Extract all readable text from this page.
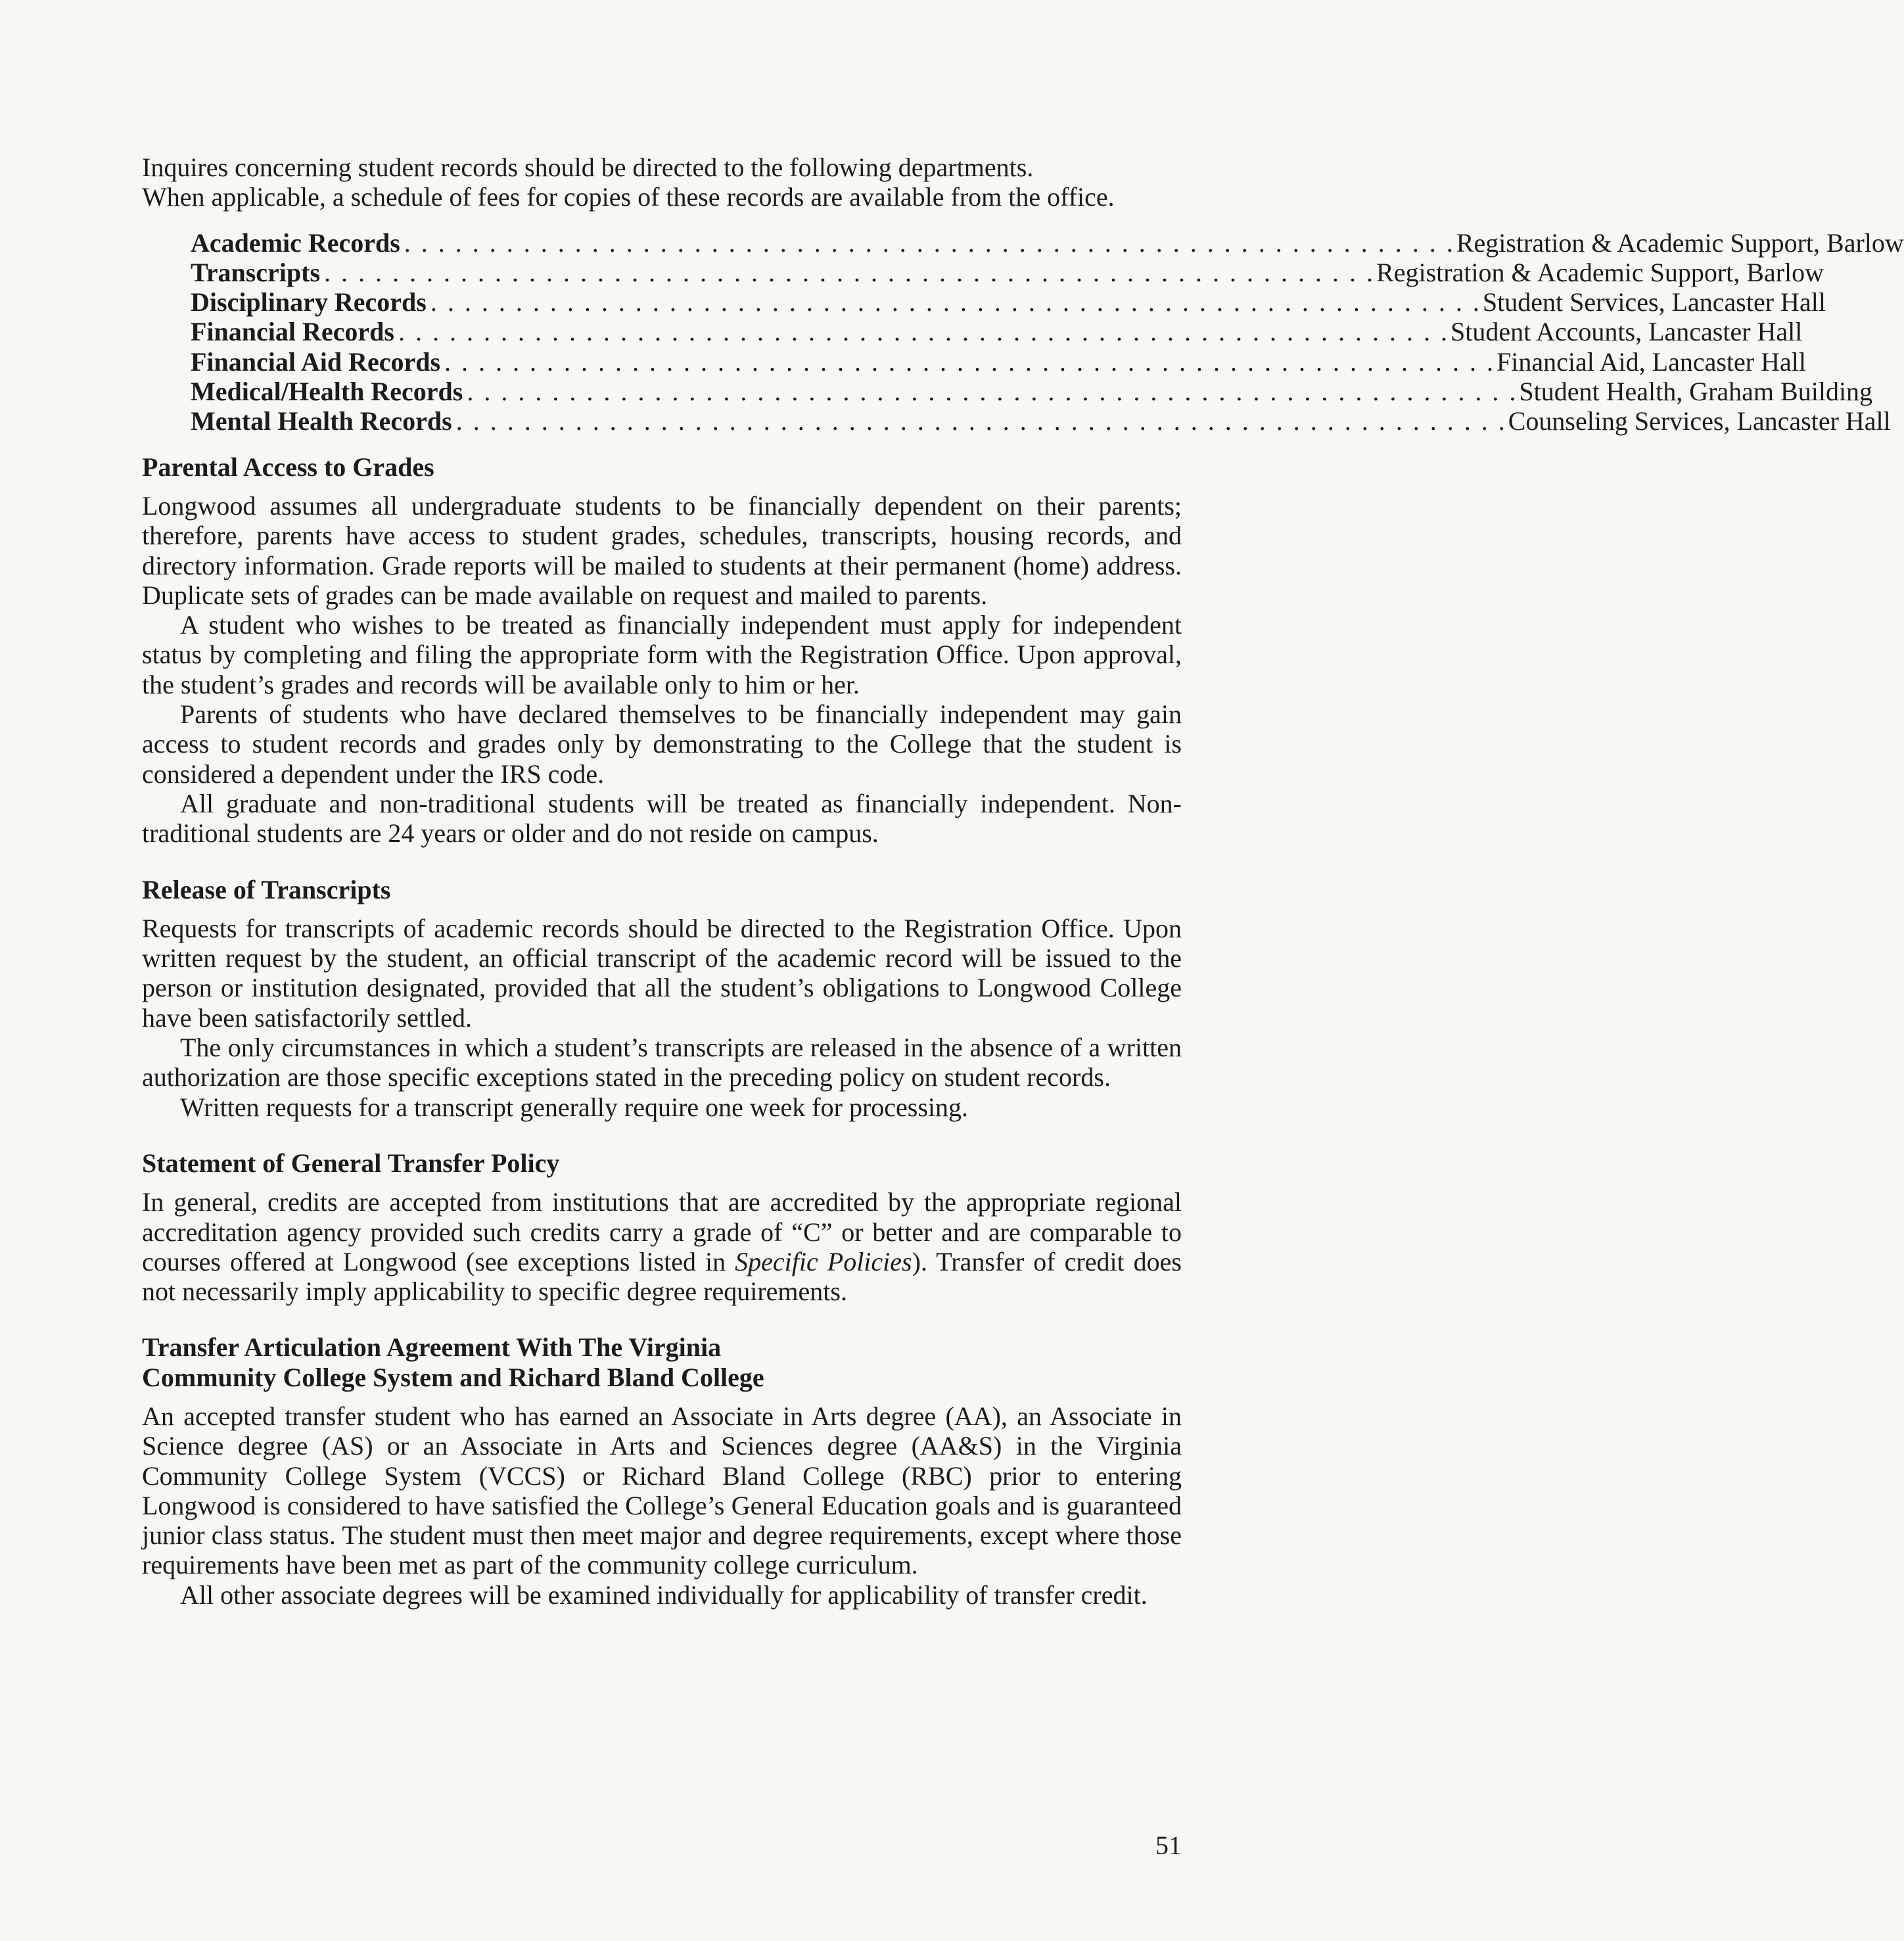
Inquires concerning student records should be directed to the following departments.

When applicable, a schedule of fees for copies of these records are available from the office.

Academic Records . . . . . . . . . . . . . . . . . . . . . . . . . . . . . . . . . . . . . . . . . . . . . . . . . . . . . . . . . . . . . . Registration & Academic Support, Barlow
Transcripts . . . . . . . . . . . . . . . . . . . . . . . . . . . . . . . . . . . . . . . . . . . . . . . . . . . . . . . . . . . . . . Registration & Academic Support, Barlow
Disciplinary Records . . . . . . . . . . . . . . . . . . . . . . . . . . . . . . . . . . . . . . . . . . . . . . . . . . . . . . . . . . . . . . Student Services, Lancaster Hall
Financial Records . . . . . . . . . . . . . . . . . . . . . . . . . . . . . . . . . . . . . . . . . . . . . . . . . . . . . . . . . . . . . . Student Accounts, Lancaster Hall
Financial Aid Records . . . . . . . . . . . . . . . . . . . . . . . . . . . . . . . . . . . . . . . . . . . . . . . . . . . . . . . . . . . . . . Financial Aid, Lancaster Hall
Medical/Health Records . . . . . . . . . . . . . . . . . . . . . . . . . . . . . . . . . . . . . . . . . . . . . . . . . . . . . . . . . . . . . . Student Health, Graham Building
Mental Health Records . . . . . . . . . . . . . . . . . . . . . . . . . . . . . . . . . . . . . . . . . . . . . . . . . . . . . . . . . . . . . . Counseling Services, Lancaster Hall
Parental Access to Grades

Longwood assumes all undergraduate students to be financially dependent on their parents; therefore, parents have access to student grades, schedules, transcripts, housing records, and directory information. Grade reports will be mailed to students at their permanent (home) address. Duplicate sets of grades can be made available on request and mailed to parents.

A student who wishes to be treated as financially independent must apply for independent status by completing and filing the appropriate form with the Registration Office. Upon approval, the student’s grades and records will be available only to him or her.

Parents of students who have declared themselves to be financially independent may gain access to student records and grades only by demonstrating to the College that the student is considered a dependent under the IRS code.

All graduate and non-traditional students will be treated as financially independent. Non-traditional students are 24 years or older and do not reside on campus.

Release of Transcripts

Requests for transcripts of academic records should be directed to the Registration Office. Upon written request by the student, an official transcript of the academic record will be issued to the person or institution designated, provided that all the student’s obligations to Longwood College have been satisfactorily settled.

The only circumstances in which a student’s transcripts are released in the absence of a written authorization are those specific exceptions stated in the preceding policy on student records.

Written requests for a transcript generally require one week for processing.

Statement of General Transfer Policy

In general, credits are accepted from institutions that are accredited by the appropriate regional accreditation agency provided such credits carry a grade of “C” or better and are comparable to courses offered at Longwood (see exceptions listed in Specific Policies). Transfer of credit does not necessarily imply applicability to specific degree requirements.

Transfer Articulation Agreement With The Virginia
Community College System and Richard Bland College

An accepted transfer student who has earned an Associate in Arts degree (AA), an Associate in Science degree (AS) or an Associate in Arts and Sciences degree (AA&S) in the Virginia Community College System (VCCS) or Richard Bland College (RBC) prior to entering Longwood is considered to have satisfied the College’s General Education goals and is guaranteed junior class status. The student must then meet major and degree requirements, except where those requirements have been met as part of the community college curriculum.

All other associate degrees will be examined individually for applicability of transfer credit.

51
